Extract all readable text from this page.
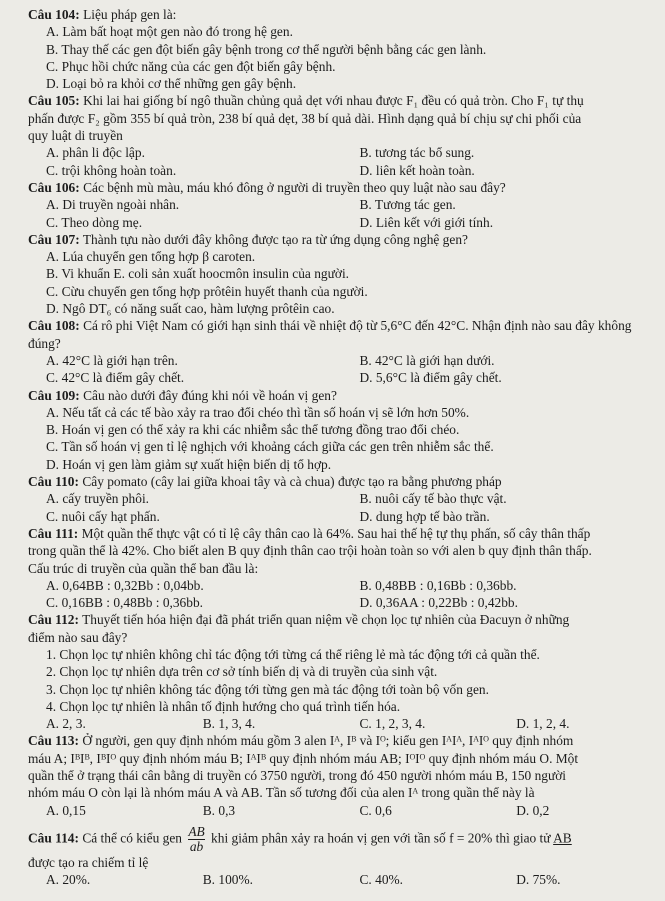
Câu 104: Liệu pháp gen là:
A. Làm bất hoạt một gen nào đó trong hệ gen.
B. Thay thế các gen đột biến gây bệnh trong cơ thể người bệnh bằng các gen lành.
C. Phục hồi chức năng của các gen đột biến gây bệnh.
D. Loại bỏ ra khỏi cơ thể những gen gây bệnh.
Câu 105: Khi lai hai giống bí ngô thuần chủng quả dẹt với nhau được F₁ đều có quả tròn. Cho F₁ tự thụ
phấn được F₂ gồm 355 bí quả tròn, 238 bí quả dẹt, 38 bí quả dài. Hình dạng quả bí chịu sự chi phối của
quy luật di truyền
A. phân li độc lập.	B. tương tác bổ sung.
C. trội không hoàn toàn.	D. liên kết hoàn toàn.
Câu 106: Các bệnh mù màu, máu khó đông ở người di truyền theo quy luật nào sau đây?
A. Di truyền ngoài nhân.	B. Tương tác gen.
C. Theo dòng mẹ.	D. Liên kết với giới tính.
Câu 107: Thành tựu nào dưới đây không được tạo ra từ ứng dụng công nghệ gen?
A. Lúa chuyển gen tổng hợp β caroten.
B. Vi khuẩn E. coli sản xuất hoocmôn insulin của người.
C. Cừu chuyển gen tổng hợp prôtêin huyết thanh của người.
D. Ngô DT₆ có năng suất cao, hàm lượng prôtêin cao.
Câu 108: Cá rô phi Việt Nam có giới hạn sinh thái về nhiệt độ từ 5,6°C đến 42°C. Nhận định nào sau đây không
đúng?
A. 42°C là giới hạn trên.	B. 42°C là giới hạn dưới.
C. 42°C là điểm gây chết.	D. 5,6°C là điểm gây chết.
Câu 109: Câu nào dưới đây đúng khi nói về hoán vị gen?
A. Nếu tất cả các tế bào xảy ra trao đổi chéo thì tần số hoán vị sẽ lớn hơn 50%.
B. Hoán vị gen có thể xảy ra khi các nhiễm sắc thể tương đồng trao đổi chéo.
C. Tần số hoán vị gen tỉ lệ nghịch với khoảng cách giữa các gen trên nhiễm sắc thể.
D. Hoán vị gen làm giảm sự xuất hiện biến dị tổ hợp.
Câu 110: Cây pomato (cây lai giữa khoai tây và cà chua) được tạo ra bằng phương pháp
A. cấy truyền phôi.	B. nuôi cấy tế bào thực vật.
C. nuôi cấy hạt phấn.	D. dung hợp tế bào trần.
Câu 111: Một quần thể thực vật có tỉ lệ cây thân cao là 64%. Sau hai thế hệ tự thụ phấn, số cây thân thấp
trong quần thể là 42%. Cho biết alen B quy định thân cao trội hoàn toàn so với alen b quy định thân thấp.
Cấu trúc di truyền của quần thể ban đầu là:
A. 0,64BB : 0,32Bb : 0,04bb.	B. 0,48BB : 0,16Bb : 0,36bb.
C. 0,16BB : 0,48Bb : 0,36bb.	D. 0,36AA : 0,22Bb : 0,42bb.
Câu 112: Thuyết tiến hóa hiện đại đã phát triển quan niệm về chọn lọc tự nhiên của Đacuyn ở những
điểm nào sau đây?
1. Chọn lọc tự nhiên không chỉ tác động tới từng cá thể riêng lẻ mà tác động tới cả quần thể.
2. Chọn lọc tự nhiên dựa trên cơ sở tính biến dị và di truyền của sinh vật.
3. Chọn lọc tự nhiên không tác động tới từng gen mà tác động tới toàn bộ vốn gen.
4. Chọn lọc tự nhiên là nhân tố định hướng cho quá trình tiến hóa.
A. 2, 3.	B. 1, 3, 4.	C. 1, 2, 3, 4.	D. 1, 2, 4.
Câu 113: Ở người, gen quy định nhóm máu gồm 3 alen Iᴬ, Iᴮ và Iᴼ; kiểu gen IᴬIᴬ, IᴬIᴼ quy định nhóm
máu A; IᴮIᴮ, IᴮIᴼ quy định nhóm máu B; IᴬIᴮ quy định nhóm máu AB; IᴼIᴼ quy định nhóm máu O. Một
quần thể ở trạng thái cân bằng di truyền có 3750 người, trong đó 450 người nhóm máu B, 150 người
nhóm máu O còn lại là nhóm máu A và AB. Tần số tương đối của alen Iᴬ trong quần thể này là
A. 0,15	B. 0,3	C. 0,6	D. 0,2
Câu 114: Cá thể có kiểu gen $\frac{AB}{ab}$ khi giảm phân xảy ra hoán vị gen với tần số f = 20% thì giao tử AB
được tạo ra chiếm tỉ lệ
A. 20%.	B. 100%.	C. 40%.	D. 75%.
